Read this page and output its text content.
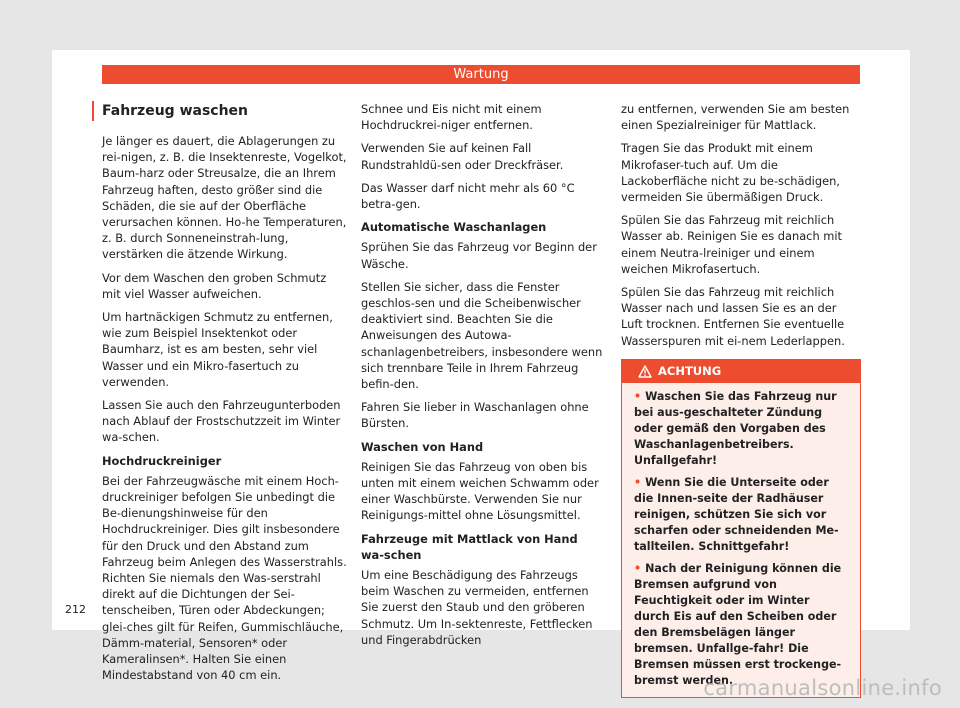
Wartung
Fahrzeug waschen

Je länger es dauert, die Ablagerungen zu rei-nigen, z. B. die Insektenreste, Vogelkot, Baum-harz oder Streusalze, die an Ihrem Fahrzeug haften, desto größer sind die Schäden, die sie auf der Oberfläche verursachen können. Ho-he Temperaturen, z. B. durch Sonneneinstrah-lung, verstärken die ätzende Wirkung.

Vor dem Waschen den groben Schmutz mit viel Wasser aufweichen.

Um hartnäckigen Schmutz zu entfernen, wie zum Beispiel Insektenkot oder Baumharz, ist es am besten, sehr viel Wasser und ein Mikro-fasertuch zu verwenden.

Lassen Sie auch den Fahrzeugunterboden nach Ablauf der Frostschutzzeit im Winter wa-schen.

Hochdruckreiniger

Bei der Fahrzeugwäsche mit einem Hoch-druckreiniger befolgen Sie unbedingt die Be-dienungshinweise für den Hochdruckreiniger. Dies gilt insbesondere für den Druck und den Abstand zum Fahrzeug beim Anlegen des Wasserstrahls. Richten Sie niemals den Was-serstrahl direkt auf die Dichtungen der Sei-tenscheiben, Türen oder Abdeckungen; glei-ches gilt für Reifen, Gummischläuche, Dämm-material, Sensoren* oder Kameralinsen*. Halten Sie einen Mindestabstand von 40 cm ein.

Schnee und Eis nicht mit einem Hochdruckrei-niger entfernen.

Verwenden Sie auf keinen Fall Rundstrahldü-sen oder Dreckfräser.

Das Wasser darf nicht mehr als 60 °C betra-gen.

Automatische Waschanlagen

Sprühen Sie das Fahrzeug vor Beginn der Wäsche.

Stellen Sie sicher, dass die Fenster geschlos-sen und die Scheibenwischer deaktiviert sind. Beachten Sie die Anweisungen des Autowa-schanlagenbetreibers, insbesondere wenn sich trennbare Teile in Ihrem Fahrzeug befin-den.

Fahren Sie lieber in Waschanlagen ohne Bürsten.

Waschen von Hand

Reinigen Sie das Fahrzeug von oben bis unten mit einem weichen Schwamm oder einer Waschbürste. Verwenden Sie nur Reinigungs-mittel ohne Lösungsmittel.

Fahrzeuge mit Mattlack von Hand wa-schen

Um eine Beschädigung des Fahrzeugs beim Waschen zu vermeiden, entfernen Sie zuerst den Staub und den gröberen Schmutz. Um In-sektenreste, Fettflecken und Fingerabdrücken

zu entfernen, verwenden Sie am besten einen Spezialreiniger für Mattlack.

Tragen Sie das Produkt mit einem Mikrofaser-tuch auf. Um die Lackoberfläche nicht zu be-schädigen, vermeiden Sie übermäßigen Druck.

Spülen Sie das Fahrzeug mit reichlich Wasser ab. Reinigen Sie es danach mit einem Neutra-lreiniger und einem weichen Mikrofasertuch.

Spülen Sie das Fahrzeug mit reichlich Wasser nach und lassen Sie es an der Luft trocknen. Entfernen Sie eventuelle Wasserspuren mit ei-nem Lederlappen.

ACHTUNG

• Waschen Sie das Fahrzeug nur bei aus-geschalteter Zündung oder gemäß den Vorgaben des Waschanlagenbetreibers. Unfallgefahr!

• Wenn Sie die Unterseite oder die Innen-seite der Radhäuser reinigen, schützen Sie sich vor scharfen oder schneidenden Me-tallteilen. Schnittgefahr!

• Nach der Reinigung können die Bremsen aufgrund von Feuchtigkeit oder im Winter durch Eis auf den Scheiben oder den Bremsbelägen länger bremsen. Unfallge-fahr! Die Bremsen müssen erst trockenge-bremst werden.

212
carmanualsonline.info
